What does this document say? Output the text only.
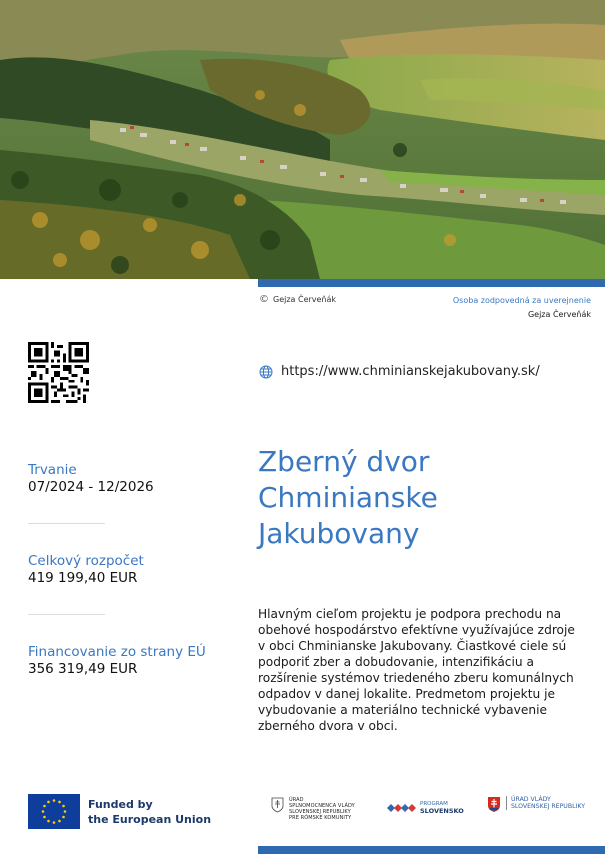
© Gejza Červeňák	Osoba zodpovedná za uverejnenie
Gejza Červeňák
https://www.chminianskejakubovany.sk/
Trvanie
07/2024 - 12/2026
Celkový rozpočet
419 199,40 EUR
Financovanie zo strany EÚ
356 319,49 EUR
Zberný dvor
Chminianske
Jakubovany

Hlavným cieľom projektu je podpora prechodu na obehové hospodárstvo efektívne využívajúce zdroje v obci Chminianske Jakubovany. Čiastkové ciele sú podporiť zber a dobudovanie, intenzifikáciu a rozšírenie systémov triedeného zberu komunálnych odpadov v danej lokalite. Predmetom projektu je vybudovanie a materiálno technické vybavenie zberného dvora v obci.

Funded by
the European Union
ÚRAD
SPLNOMOCNENCA VLÁDY
SLOVENSKEJ REPUBLIKY
PRE RÓMSKE KOMUNITY
PROGRAM
SLOVENSKO
ÚRAD VLÁDY
SLOVENSKEJ REPUBLIKY
